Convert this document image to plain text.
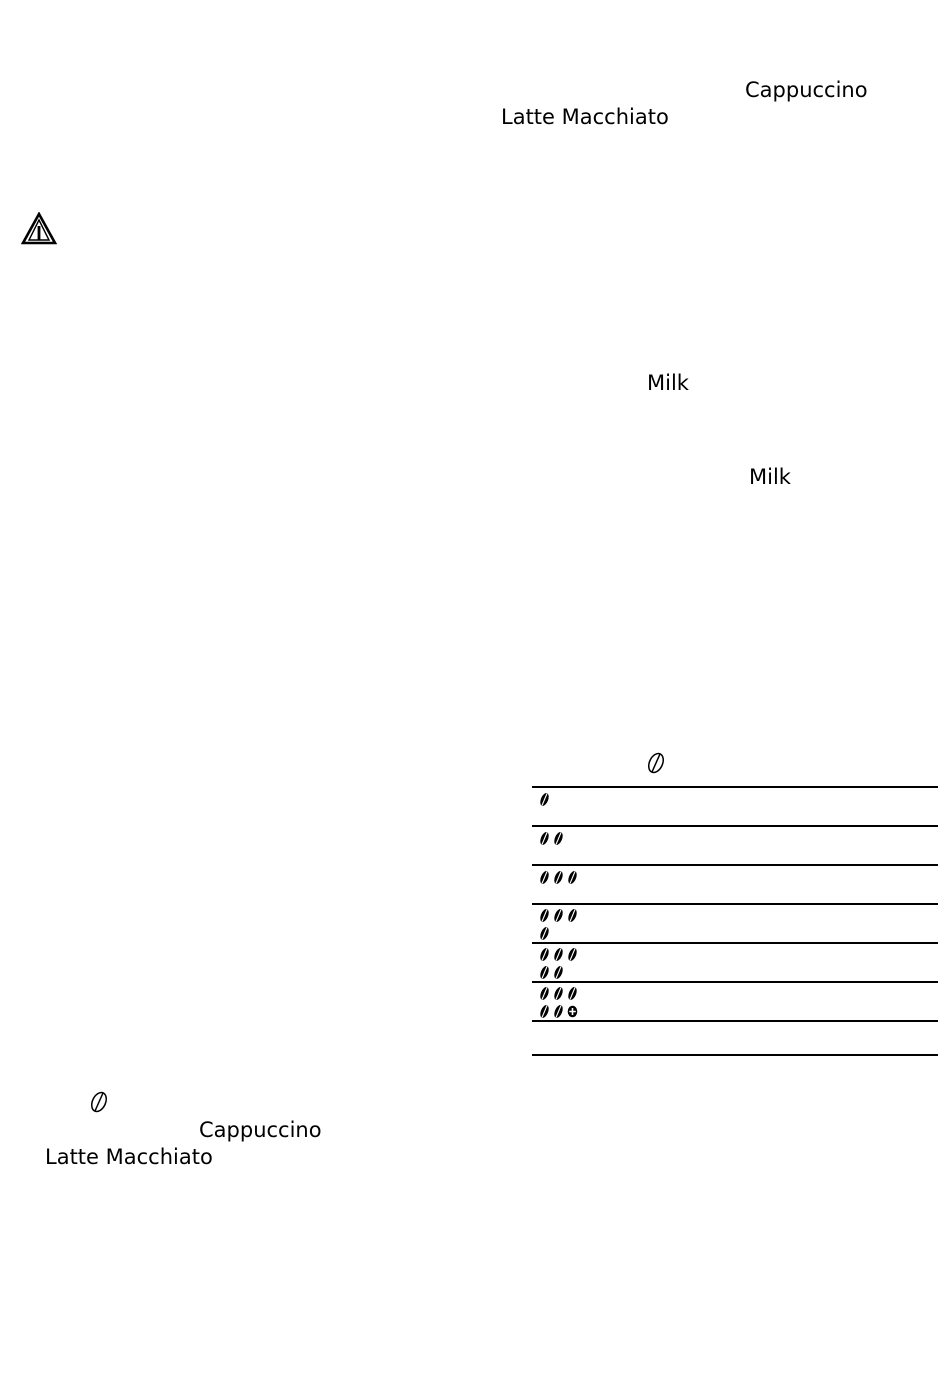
Cappuccino
Latte Macchiato
Cappuccino
Latte Macchiato
Milk
Milk
